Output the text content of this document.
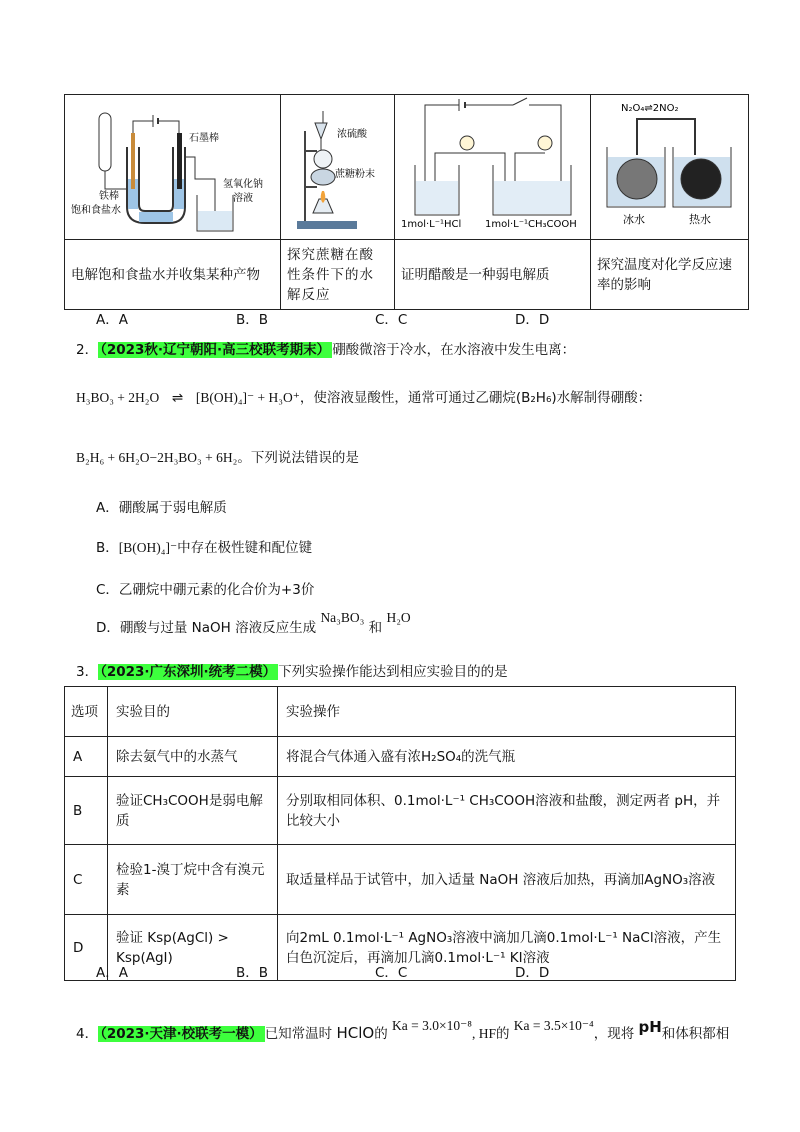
石墨棒
铁棒
饱和食盐水
氢氧化钠
溶液	浓硫酸
蔗糖粉末	1mol·L⁻¹HCl 1mol·L⁻¹CH₃COOH	N₂O₄⇌2NO₂
冰水 热水

电解饱和食盐水并收集某种产物	探究蔗糖在酸性条件下的水解反应	证明醋酸是一种弱电解质	探究温度对化学反应速率的影响
A．A	B．B	C．C	D．D
2． （2023秋·辽宁朝阳·高三校联考期末） 硼酸微溶于冷水，在水溶液中发生电离：
H₃BO₃ + 2H₂O ⇌ [B(OH)₄]⁻ + H₃O⁺，使溶液显酸性，通常可通过乙硼烷(B₂H₆)水解制得硼酸：
B₂H₆ + 6H₂O−2H₃BO₃ + 6H₂。下列说法错误的是
A．硼酸属于弱电解质
B．[B(OH)₄]⁻中存在极性键和配位键
C．乙硼烷中硼元素的化合价为+3价
D．硼酸与过量 NaOH 溶液反应生成 Na₃BO₃ 和 H₂O
3． （2023·广东深圳·统考二模） 下列实验操作能达到相应实验目的的是
选项	实验目的	实验操作
A	除去氨气中的水蒸气	将混合气体通入盛有浓H₂SO₄的洗气瓶
B	验证CH₃COOH是弱电解质	分别取相同体积、0.1mol·L⁻¹ CH₃COOH溶液和盐酸，测定两者 pH，并比较大小
C	检验1-溴丁烷中含有溴元素	取适量样品于试管中，加入适量 NaOH 溶液后加热，再滴加AgNO₃溶液
D	验证 Ksp(AgCl) > Ksp(AgI)	向2mL 0.1mol·L⁻¹ AgNO₃溶液中滴加几滴0.1mol·L⁻¹ NaCl溶液，产生白色沉淀后，再滴加几滴0.1mol·L⁻¹ KI溶液
A．A	B．B	C．C	D．D
4． （2023·天津·校联考一模） 已知常温时 HClO的 Ka = 3.0×10⁻⁸, HF的 Ka = 3.5×10⁻⁴，现将 pH和体积都相
